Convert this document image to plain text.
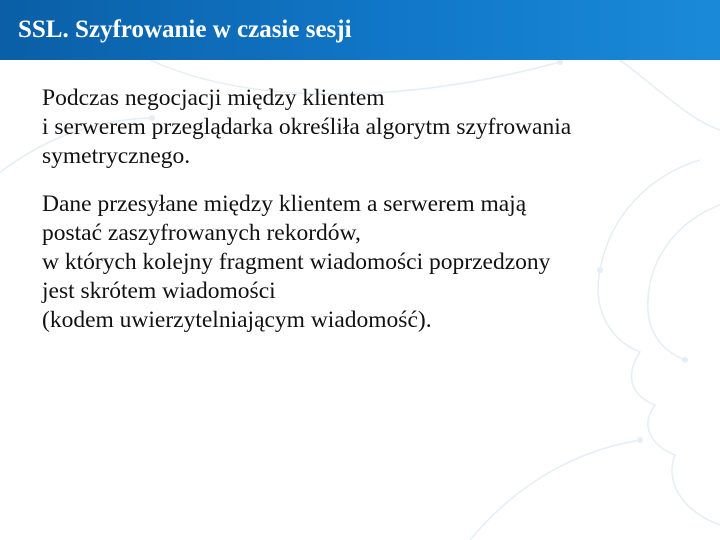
SSL. Szyfrowanie w czasie sesji

Podczas negocjacji między klientem
i serwerem przeglądarka określiła algorytm szyfrowania
symetrycznego.

Dane przesyłane między klientem a serwerem mają
postać zaszyfrowanych rekordów,
w których kolejny fragment wiadomości poprzedzony
jest skrótem wiadomości
(kodem uwierzytelniającym wiadomość).
